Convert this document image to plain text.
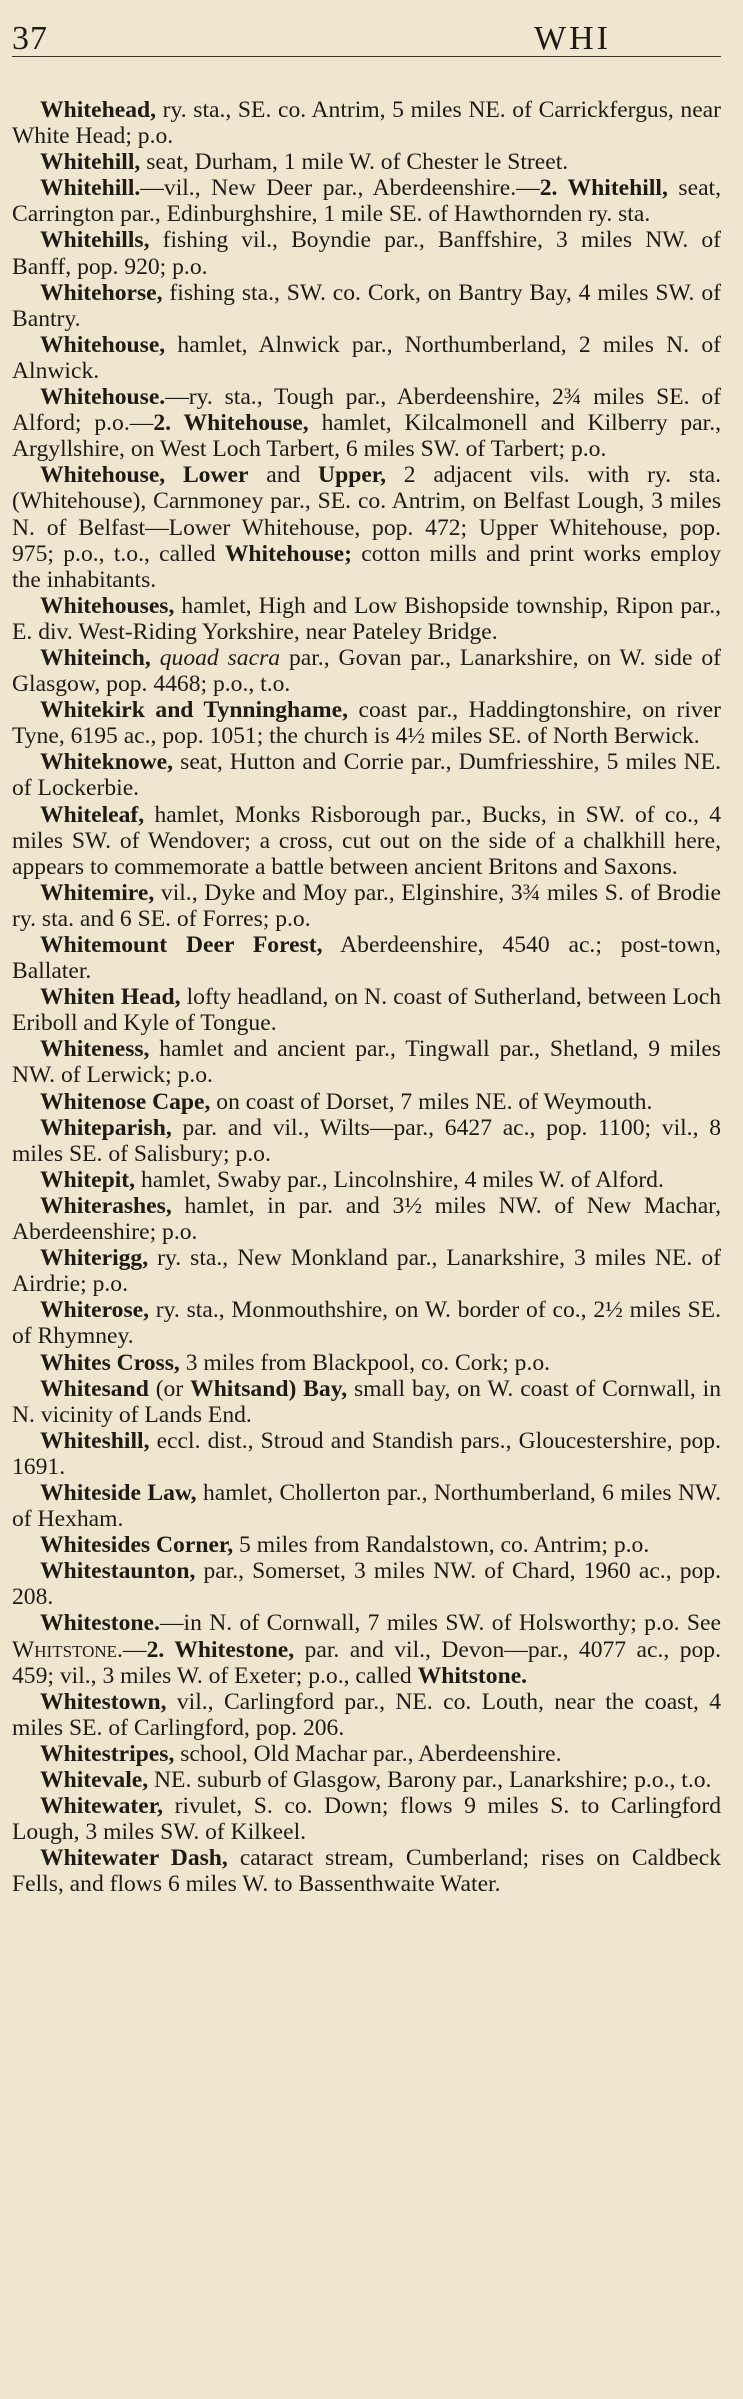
37	WHI

Whitehead, ry. sta., SE. co. Antrim, 5 miles NE. of Carrickfergus, near White Head; p.o.

Whitehill, seat, Durham, 1 mile W. of Chester le Street.

Whitehill.—vil., New Deer par., Aberdeenshire.—2. Whitehill, seat, Carrington par., Edinburghshire, 1 mile SE. of Hawthornden ry. sta.

Whitehills, fishing vil., Boyndie par., Banffshire, 3 miles NW. of Banff, pop. 920; p.o.

Whitehorse, fishing sta., SW. co. Cork, on Bantry Bay, 4 miles SW. of Bantry.

Whitehouse, hamlet, Alnwick par., Northumberland, 2 miles N. of Alnwick.

Whitehouse.—ry. sta., Tough par., Aberdeenshire, 2¾ miles SE. of Alford; p.o.—2. Whitehouse, hamlet, Kilcalmonell and Kilberry par., Argyllshire, on West Loch Tarbert, 6 miles SW. of Tarbert; p.o.

Whitehouse, Lower and Upper, 2 adjacent vils. with ry. sta. (Whitehouse), Carnmoney par., SE. co. Antrim, on Belfast Lough, 3 miles N. of Belfast—Lower Whitehouse, pop. 472; Upper Whitehouse, pop. 975; p.o., t.o., called Whitehouse; cotton mills and print works employ the inhabitants.

Whitehouses, hamlet, High and Low Bishopside township, Ripon par., E. div. West-Riding Yorkshire, near Pateley Bridge.

Whiteinch, quoad sacra par., Govan par., Lanarkshire, on W. side of Glasgow, pop. 4468; p.o., t.o.

Whitekirk and Tynninghame, coast par., Haddingtonshire, on river Tyne, 6195 ac., pop. 1051; the church is 4½ miles SE. of North Berwick.

Whiteknowe, seat, Hutton and Corrie par., Dumfriesshire, 5 miles NE. of Lockerbie.

Whiteleaf, hamlet, Monks Risborough par., Bucks, in SW. of co., 4 miles SW. of Wendover; a cross, cut out on the side of a chalkhill here, appears to commemorate a battle between ancient Britons and Saxons.

Whitemire, vil., Dyke and Moy par., Elginshire, 3¾ miles S. of Brodie ry. sta. and 6 SE. of Forres; p.o.

Whitemount Deer Forest, Aberdeenshire, 4540 ac.; post-town, Ballater.

Whiten Head, lofty headland, on N. coast of Sutherland, between Loch Eriboll and Kyle of Tongue.

Whiteness, hamlet and ancient par., Tingwall par., Shetland, 9 miles NW. of Lerwick; p.o.

Whitenose Cape, on coast of Dorset, 7 miles NE. of Weymouth.

Whiteparish, par. and vil., Wilts—par., 6427 ac., pop. 1100; vil., 8 miles SE. of Salisbury; p.o.

Whitepit, hamlet, Swaby par., Lincolnshire, 4 miles W. of Alford.

Whiterashes, hamlet, in par. and 3½ miles NW. of New Machar, Aberdeenshire; p.o.

Whiterigg, ry. sta., New Monkland par., Lanarkshire, 3 miles NE. of Airdrie; p.o.

Whiterose, ry. sta., Monmouthshire, on W. border of co., 2½ miles SE. of Rhymney.

Whites Cross, 3 miles from Blackpool, co. Cork; p.o.

Whitesand (or Whitsand) Bay, small bay, on W. coast of Cornwall, in N. vicinity of Lands End.

Whiteshill, eccl. dist., Stroud and Standish pars., Gloucestershire, pop. 1691.

Whiteside Law, hamlet, Chollerton par., Northumberland, 6 miles NW. of Hexham.

Whitesides Corner, 5 miles from Randalstown, co. Antrim; p.o.

Whitestaunton, par., Somerset, 3 miles NW. of Chard, 1960 ac., pop. 208.

Whitestone.—in N. of Cornwall, 7 miles SW. of Holsworthy; p.o. See Whitstone.—2. Whitestone, par. and vil., Devon—par., 4077 ac., pop. 459; vil., 3 miles W. of Exeter; p.o., called Whitstone.

Whitestown, vil., Carlingford par., NE. co. Louth, near the coast, 4 miles SE. of Carlingford, pop. 206.

Whitestripes, school, Old Machar par., Aberdeenshire.

Whitevale, NE. suburb of Glasgow, Barony par., Lanarkshire; p.o., t.o.

Whitewater, rivulet, S. co. Down; flows 9 miles S. to Carlingford Lough, 3 miles SW. of Kilkeel.

Whitewater Dash, cataract stream, Cumberland; rises on Caldbeck Fells, and flows 6 miles W. to Bassenthwaite Water.
